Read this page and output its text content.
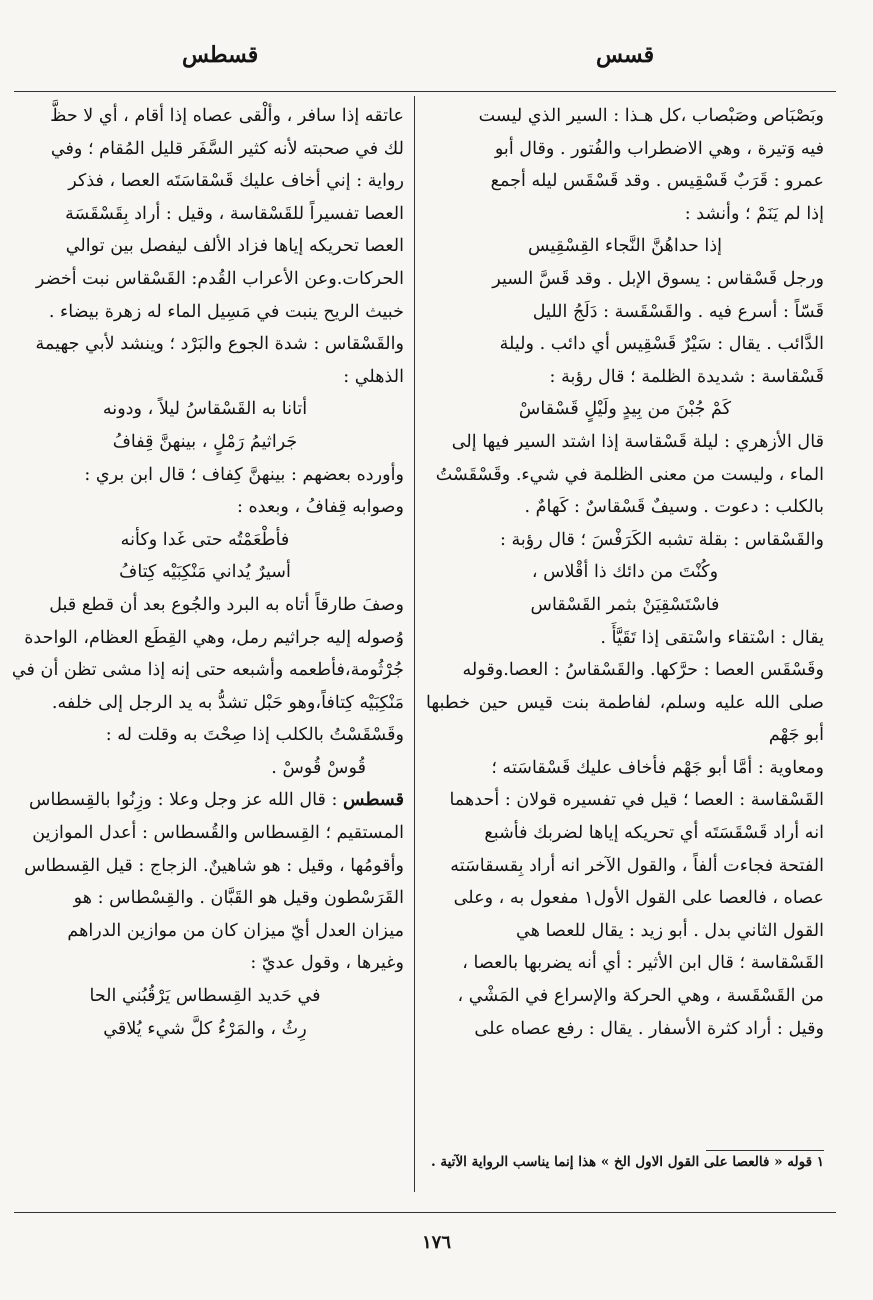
قسس
قسطس

وبَصْبَاص وصَبْصاب ،كل هـذا : السير الذي ليست

فيه وَتيرة ، وهي الاضطراب والفُتور . وقال أبو

عمرو : قَرَبٌ قَسْقِيس . وقد قَسْقَس ليله أجمع

إذا لم يَنَمْ ؛ وأنشد :

إذا حداهُنَّ النَّجاء القِسْقِيس

ورجل قَسْقاس : يسوق الإبل . وقد قَسَّ السير

قَسّاً : أسرع فيه . والقَسْقَسة : دَلَجُ الليل

الدَّائب . يقال : سَيْرٌ قَسْقِيس أي دائب . وليلة

قَسْقاسة : شديدة الظلمة ؛ قال رؤبة :

كَمْ جُبْنَ من بِيدٍ ولَيْلٍ قَسْقاسْ

قال الأزهري : ليلة قَسْقاسة إذا اشتد السير فيها إلى

الماء ، وليست من معنى الظلمة في شيء. وقَسْقَسْتُ

بالكلب : دعوت . وسيفٌ قَسْقاسٌ : كَهامٌ .

والقَسْقاس : بقلة تشبه الكَرَفْسَ ؛ قال رؤبة :

وكُنْتَ من دائك ذا أقْلاس ،

فاسْتَسْقِيَنْ بثمر القَسْقاس

يقال : اسْتقاء واسْتقى إذا تَقَيَّأَ .

وقَسْقَس العصا : حرَّكها. والقَسْقاسُ : العصا.وقوله

صلى الله عليه وسلم، لفاطمة بنت قيس حين خطبها أبو جَهْم

ومعاوية : أمَّا أبو جَهْم فأخاف عليك قَسْقاسَته ؛

القَسْقاسة : العصا ؛ قيل في تفسيره قولان : أحدهما

انه أراد قَسْقَسَتَه أي تحريكه إياها لضربك فأشبع

الفتحة فجاءت ألفاً ، والقول الآخر انه أراد بِقسقاسَته

عصاه ، فالعصا على القول الأول١ مفعول به ، وعلى

القول الثاني بدل . أبو زيد : يقال للعصا هي

القَسْقاسة ؛ قال ابن الأثير : أي أنه يضربها بالعصا ،

من القَسْقَسة ، وهي الحركة والإسراع في المَشْي ،

وقيل : أراد كثرة الأسفار . يقال : رفع عصاه على

عاتقه إذا سافر ، وألْقى عصاه إذا أقام ، أي لا حظَّ

لك في صحبته لأنه كثير السَّفَر قليل المُقام ؛ وفي

رواية : إني أخاف عليك قَسْقاسَتَه العصا ، فذكر

العصا تفسيراً للقَسْقاسة ، وقيل : أراد بِقَسْقَسَة

العصا تحريكه إياها فزاد الألف ليفصل بين توالي

الحركات.وعن الأعراب القُدم: القَسْقاس نبت أخضر

خبيث الريح ينبت في مَسِيل الماء له زهرة بيضاء .

والقَسْقاس : شدة الجوع والبَرْد ؛ وينشد لأبي جهيمة

الذهلي :

أتانا به القَسْقاسُ ليلاً ، ودونه

جَراثيمُ رَمْلٍ ، بينهنَّ قِفافُ

وأورده بعضهم : بينهنَّ كِفاف ؛ قال ابن بري :

وصوابه قِفافُ ، وبعده :

فأطْعَمْتُه حتى غَدا وكأنه

أسيرٌ يُداني مَنْكِبَيْه كِتافُ

وصفَ طارقاً أتاه به البرد والجُوع بعد أن قطع قبل

وُصوله إليه جراثيم رمل، وهي القِطَع العظام، الواحدة

جُرْثُومة،فأطعمه وأشبعه حتى إنه إذا مشى تظن أن في

مَنْكِبَيْه كِتافاً،وهو حَبْل تشدُّ به يد الرجل إلى خلفه.

وقَسْقَسْتُ بالكلب إذا صِحْتَ به وقلت له :

قُوسْ قُوسْ .

قسطس : قال الله عز وجل وعلا : وزِنُوا بالقِسطاس

المستقيم ؛ القِسطاس والقُسطاس : أعدل الموازين

وأقومُها ، وقيل : هو شاهينٌ. الزجاج : قيل القِسطاس

القَرَسْطون وقيل هو القَبَّان . والقِسْطاس : هو

ميزان العدل أيّ ميزان كان من موازين الدراهم

وغيرها ، وقول عديّ :

في حَديد القِسطاس يَرْقُبُني الحا

رِثُ ، والمَرْءُ كلَّ شيء يُلاقي

١ قوله « فالعصا على القول الاول الخ » هذا إنما يناسب الرواية الآتية .
١٧٦
